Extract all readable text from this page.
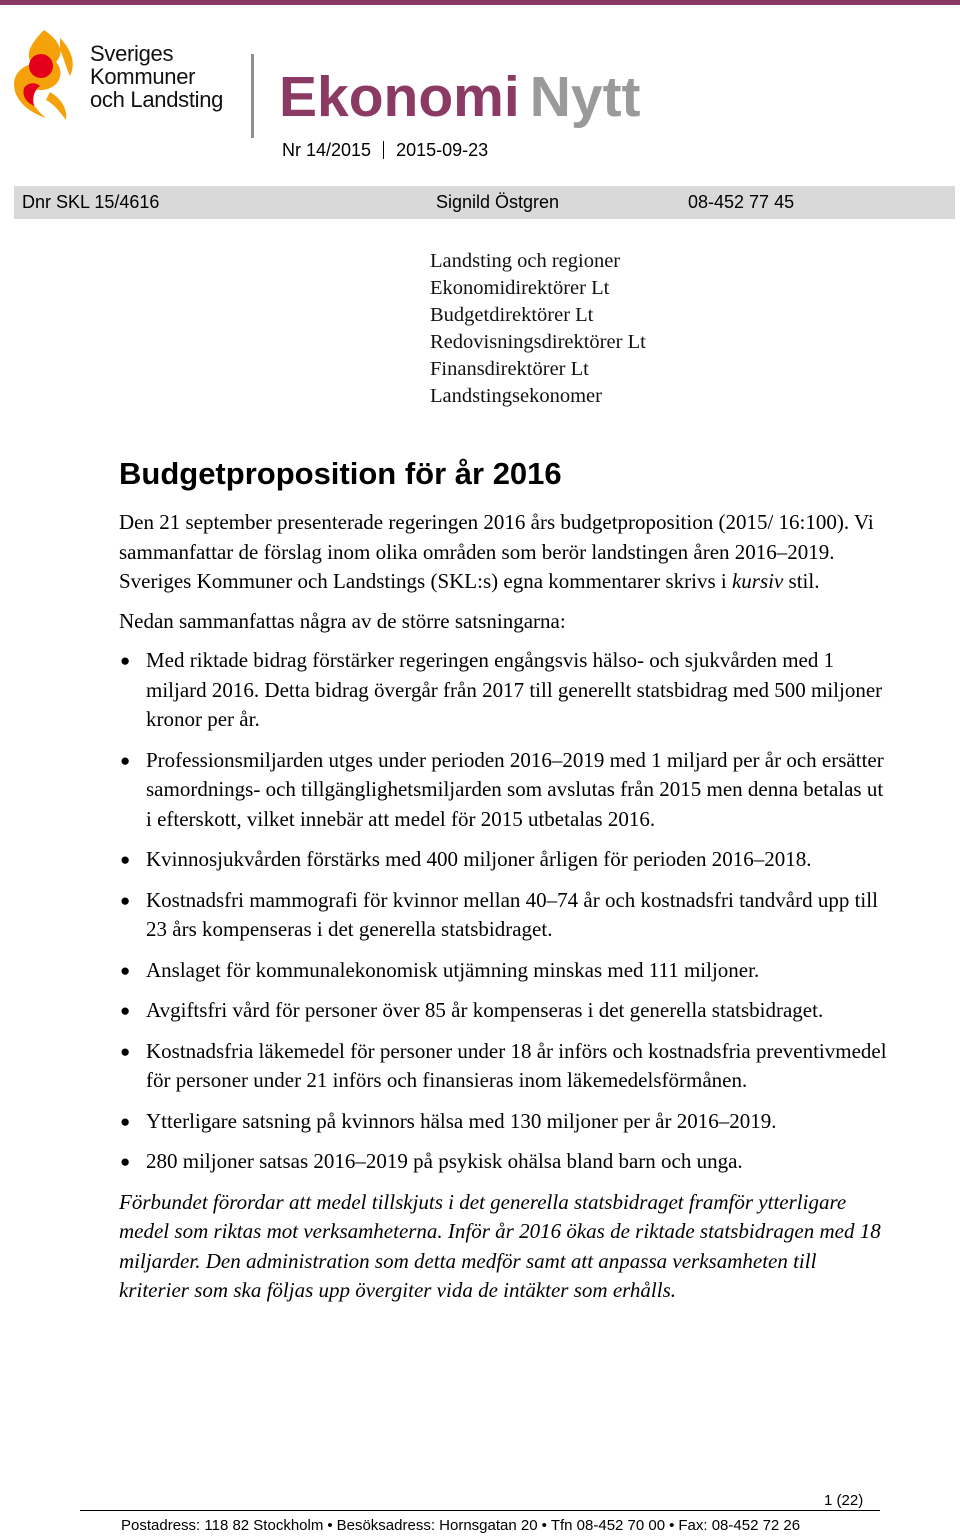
Sveriges
Kommuner
och Landsting Ekonomi Nytt
Nr 14/2015 2015-09-23
Dnr SKL 15/4616	Signild Östgren	08-452 77 45
Landsting och regioner
Ekonomidirektörer Lt
Budgetdirektörer Lt
Redovisningsdirektörer Lt
Finansdirektörer Lt
Landstingsekonomer
Budgetproposition för år 2016

Den 21 september presenterade regeringen 2016 års budgetproposition (2015/ 16:100). Vi sammanfattar de förslag inom olika områden som berör landstingen åren 2016–2019. Sveriges Kommuner och Landstings (SKL:s) egna kommentarer skrivs i kursiv stil.

Nedan sammanfattas några av de större satsningarna:

● Med riktade bidrag förstärker regeringen engångsvis hälso- och sjukvården med 1 miljard 2016. Detta bidrag övergår från 2017 till generellt statsbidrag med 500 miljoner kronor per år.
● Professionsmiljarden utges under perioden 2016–2019 med 1 miljard per år och ersätter samordnings- och tillgänglighetsmiljarden som avslutas från 2015 men denna betalas ut i efterskott, vilket innebär att medel för 2015 utbetalas 2016.
● Kvinnosjukvården förstärks med 400 miljoner årligen för perioden 2016–2018.
● Kostnadsfri mammografi för kvinnor mellan 40–74 år och kostnadsfri tandvård upp till 23 års kompenseras i det generella statsbidraget.
● Anslaget för kommunalekonomisk utjämning minskas med 111 miljoner.
● Avgiftsfri vård för personer över 85 år kompenseras i det generella statsbidraget.
● Kostnadsfria läkemedel för personer under 18 år införs och kostnadsfria preventivmedel för personer under 21 införs och finansieras inom läkemedelsförmånen.
● Ytterligare satsning på kvinnors hälsa med 130 miljoner per år 2016–2019.
● 280 miljoner satsas 2016–2019 på psykisk ohälsa bland barn och unga.

Förbundet förordar att medel tillskjuts i det generella statsbidraget framför ytterligare medel som riktas mot verksamheterna. Inför år 2016 ökas de riktade statsbidragen med 18 miljarder. Den administration som detta medför samt att anpassa verksamheten till kriterier som ska följas upp övergiter vida de intäkter som erhålls.

1 (22)
Postadress: 118 82 Stockholm • Besöksadress: Hornsgatan 20 • Tfn 08-452 70 00 • Fax: 08-452 72 26
